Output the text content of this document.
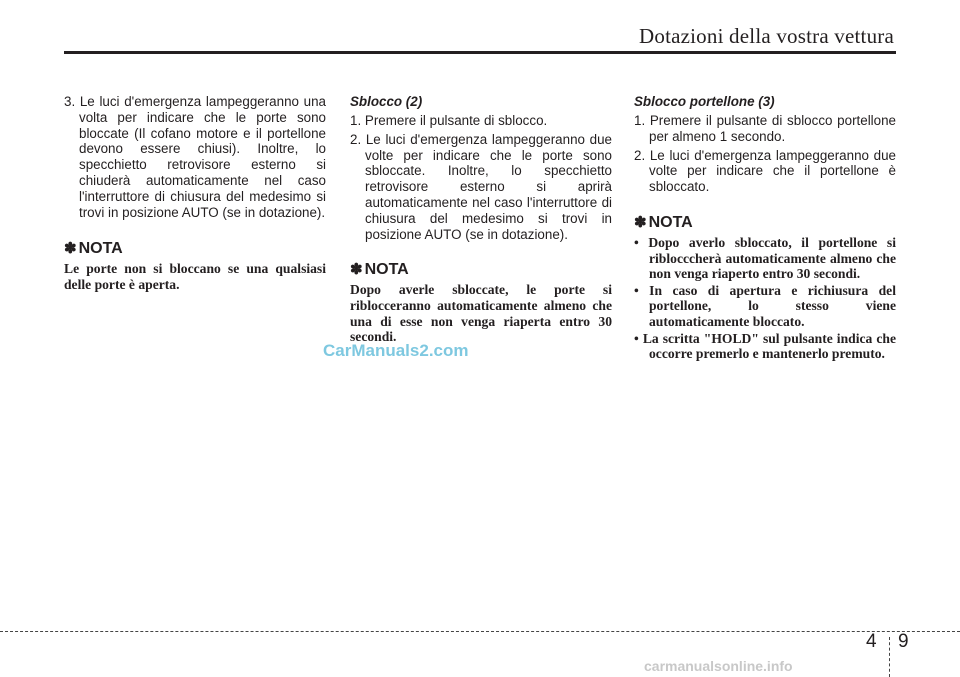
Dotazioni della vostra vettura

3. Le luci d'emergenza lampeggeranno una volta per indicare che le porte sono bloccate (Il cofano motore e il portellone devono essere chiusi). Inoltre, lo specchietto retrovisore esterno si chiuderà automaticamente nel caso l'interruttore di chiusura del medesimo si trovi in posizione AUTO (se in dotazione).

✽ NOTA

Le porte non si bloccano se una qualsiasi delle porte è aperta.

Sblocco (2)

1. Premere il pulsante di sblocco.

2. Le luci d'emergenza lampeggeranno due volte per indicare che le porte sono sbloccate. Inoltre, lo specchietto retrovisore esterno si aprirà automaticamente nel caso l'interruttore di chiusura del medesimo si trovi in posizione AUTO (se in dotazione).

✽ NOTA

Dopo averle sbloccate, le porte si riblocceranno automaticamente almeno che una di esse non venga riaperta entro 30 secondi.

Sblocco portellone (3)

1. Premere il pulsante di sblocco portellone per almeno 1 secondo.

2. Le luci d'emergenza lampeggeranno due volte per indicare che il portellone è sbloccato.

✽ NOTA

• Dopo averlo sbloccato, il portellone si riblocccherà automaticamente almeno che non venga riaperto entro 30 secondi.

• In caso di apertura e richiusura del portellone, lo stesso viene automaticamente bloccato.

• La scritta "HOLD" sul pulsante indica che occorre premerlo e mantenerlo premuto.

CarManuals2.com
4 9
carmanualsonline.info
